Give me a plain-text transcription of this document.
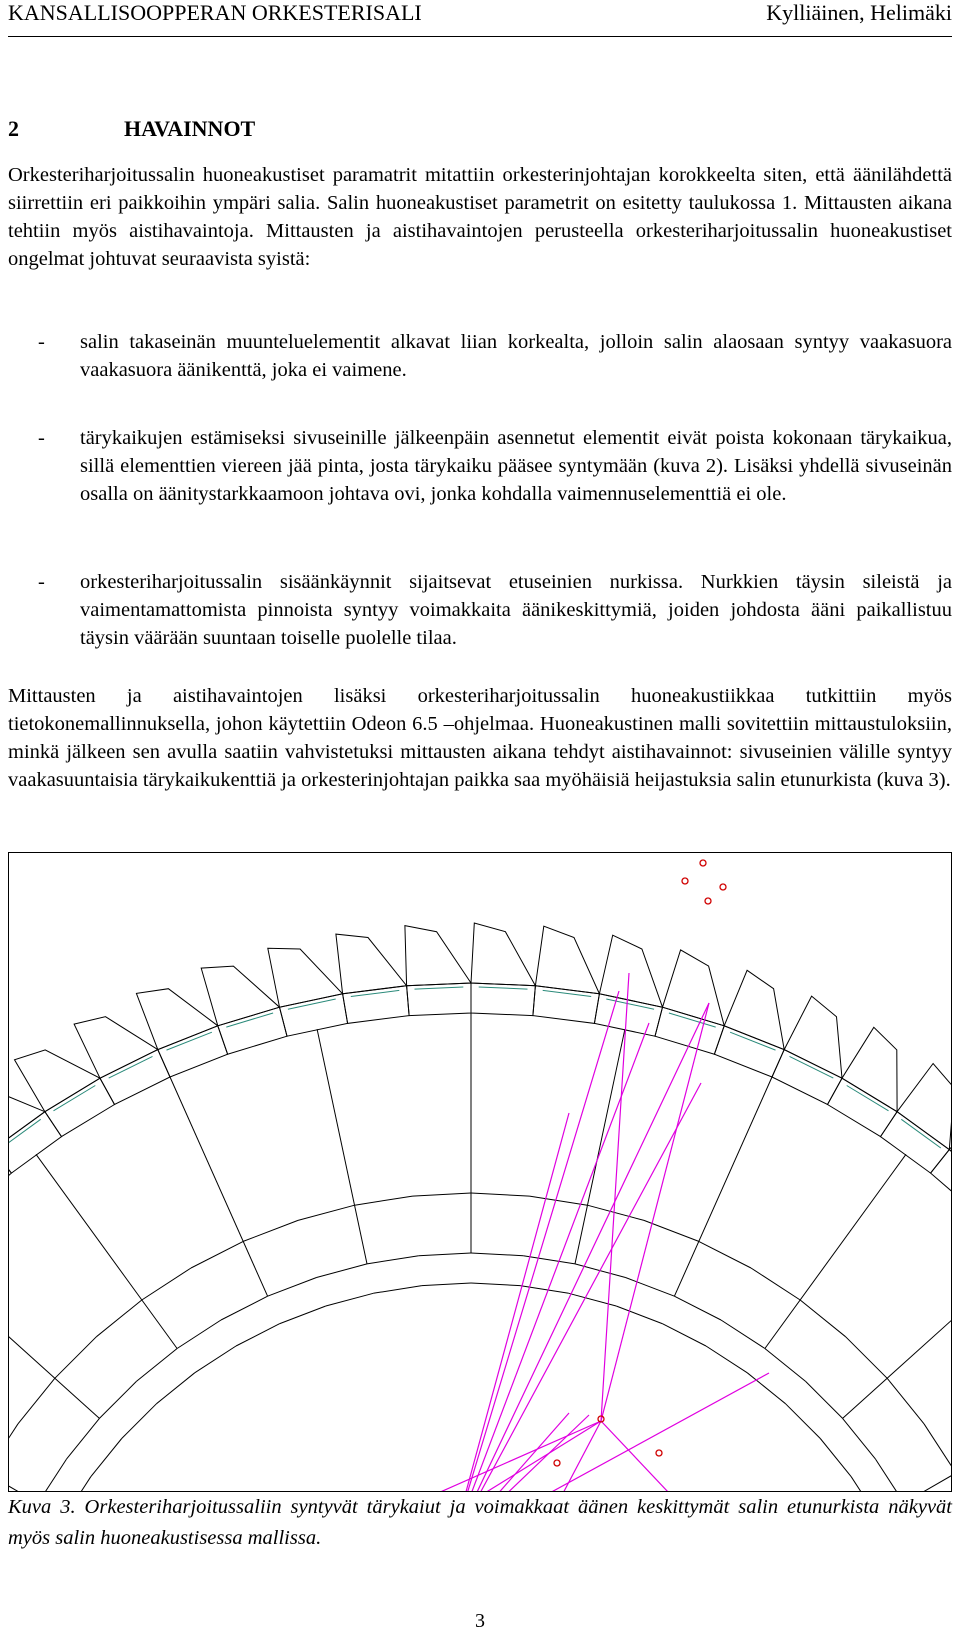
KANSALLISOOPPERAN ORKESTERISALI	Kylliäinen, Helimäki
2	HAVAINNOT

Orkesteriharjoitussalin huoneakustiset paramatrit mitattiin orkesterinjohtajan korokkeelta siten, että äänilähdettä siirrettiin eri paikkoihin ympäri salia. Salin huoneakustiset parametrit on esitetty taulukossa 1. Mittausten aikana tehtiin myös aistihavaintoja. Mittausten ja aistihavaintojen perusteella orkesteriharjoitussalin huoneakustiset ongelmat johtuvat seuraavista syistä:

- salin takaseinän muunteluelementit alkavat liian korkealta, jolloin salin alaosaan syntyy vaakasuora vaakasuora äänikenttä, joka ei vaimene.
- tärykaikujen estämiseksi sivuseinille jälkeenpäin asennetut elementit eivät poista kokonaan tärykaikua, sillä elementtien viereen jää pinta, josta tärykaiku pääsee syntymään (kuva 2). Lisäksi yhdellä sivuseinän osalla on äänitystarkkaamoon johtava ovi, jonka kohdalla vaimennuselementtiä ei ole.
- orkesteriharjoitussalin sisäänkäynnit sijaitsevat etuseinien nurkissa. Nurkkien täysin sileistä ja vaimentamattomista pinnoista syntyy voimakkaita äänikeskittymiä, joiden johdosta ääni paikallistuu täysin väärään suuntaan toiselle puolelle tilaa.

Mittausten ja aistihavaintojen lisäksi orkesteriharjoitussalin huoneakustiikkaa tutkittiin myös tietokonemallinnuksella, johon käytettiin Odeon 6.5 –ohjelmaa. Huoneakustinen malli sovitettiin mittaustuloksiin, minkä jälkeen sen avulla saatiin vahvistetuksi mittausten aikana tehdyt aistihavainnot: sivuseinien välille syntyy vaakasuuntaisia tärykaikukenttiä ja orkesterinjohtajan paikka saa myöhäisiä heijastuksia salin etunurkista (kuva 3).

Kuva 3. Orkesteriharjoitussaliin syntyvät tärykaiut ja voimakkaat äänen keskittymät salin etunurkista näkyvät myös salin huoneakustisessa mallissa.

3
